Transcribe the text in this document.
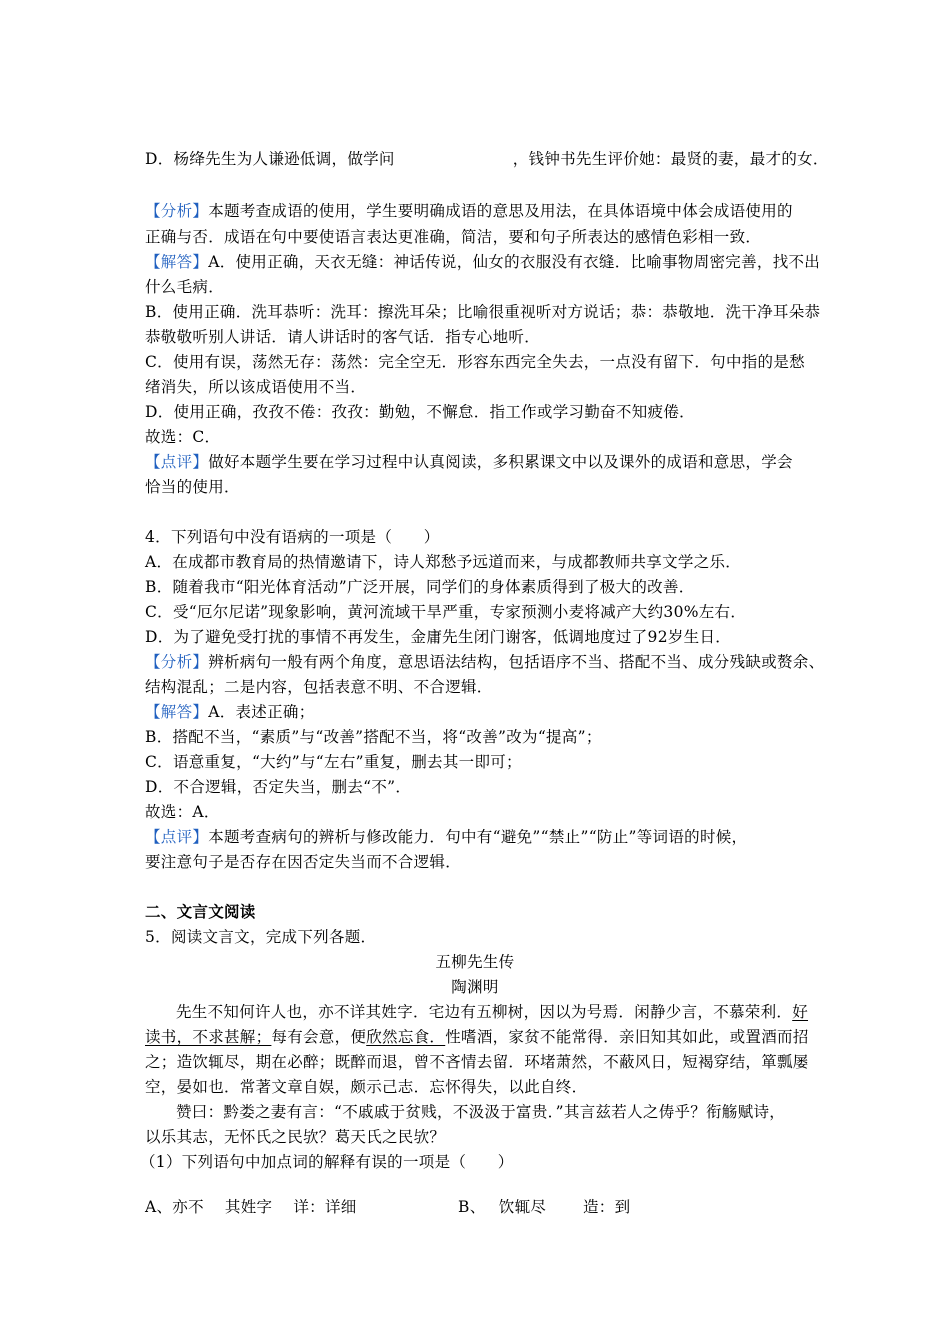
D．杨绛先生为人谦逊低调，做学问	，钱钟书先生评价她：最贤的妻，最才的女．
【分析】本题考查成语的使用，学生要明确成语的意思及用法，在具体语境中体会成语使用的
正确与否．成语在句中要使语言表达更准确，简洁，要和句子所表达的感情色彩相一致．
【解答】A．使用正确，天衣无缝：神话传说，仙女的衣服没有衣缝．比喻事物周密完善，找不出
什么毛病．
B．使用正确．洗耳恭听：洗耳：擦洗耳朵；比喻很重视听对方说话；恭：恭敬地．洗干净耳朵恭
恭敬敬听别人讲话．请人讲话时的客气话．指专心地听．
C．使用有误，荡然无存：荡然：完全空无．形容东西完全失去，一点没有留下．句中指的是愁
绪消失，所以该成语使用不当．
D．使用正确，孜孜不倦：孜孜：勤勉，不懈怠．指工作或学习勤奋不知疲倦．
故选：C．
【点评】做好本题学生要在学习过程中认真阅读，多积累课文中以及课外的成语和意思，学会
恰当的使用．
4．下列语句中没有语病的一项是（　　）
A．在成都市教育局的热情邀请下，诗人郑愁予远道而来，与成都教师共享文学之乐．
B．随着我市“阳光体育活动”广泛开展，同学们的身体素质得到了极大的改善．
C．受“厄尔尼诺”现象影响，黄河流域干旱严重，专家预测小麦将减产大约30%左右．
D．为了避免受打扰的事情不再发生，金庸先生闭门谢客，低调地度过了92岁生日．
【分析】辨析病句一般有两个角度，意思语法结构，包括语序不当、搭配不当、成分残缺或赘余、
结构混乱；二是内容，包括表意不明、不合逻辑．
【解答】A．表述正确；
B．搭配不当，“素质”与“改善”搭配不当，将“改善”改为“提高”；
C．语意重复，“大约”与“左右”重复，删去其一即可；
D．不合逻辑，否定失当，删去“不”．
故选：A．
【点评】本题考查病句的辨析与修改能力．句中有“避免”“禁止”“防止”等词语的时候，
要注意句子是否存在因否定失当而不合逻辑．
二、文言文阅读
5．阅读文言文，完成下列各题．
五柳先生传
陶渊明
先生不知何许人也，亦不详其姓字．宅边有五柳树，因以为号焉．闲静少言，不慕荣利．好
读书，不求甚解；每有会意，便欣然忘食．性嗜酒，家贫不能常得．亲旧知其如此，或置酒而招
之；造饮辄尽，期在必醉；既醉而退，曾不吝情去留．环堵萧然，不蔽风日，短褐穿结，箪瓢屡
空，晏如也．常著文章自娱，颇示己志．忘怀得失，以此自终．
赞曰：黔娄之妻有言：“不戚戚于贫贱，不汲汲于富贵．”其言兹若人之俦乎？衔觞赋诗，
以乐其志，无怀氏之民欤？葛天氏之民欤？
（1）下列语句中加点词的解释有误的一项是（　　）
A、亦不　 其姓字　 详：详细	B、　 饮辄尽　　 造：到
